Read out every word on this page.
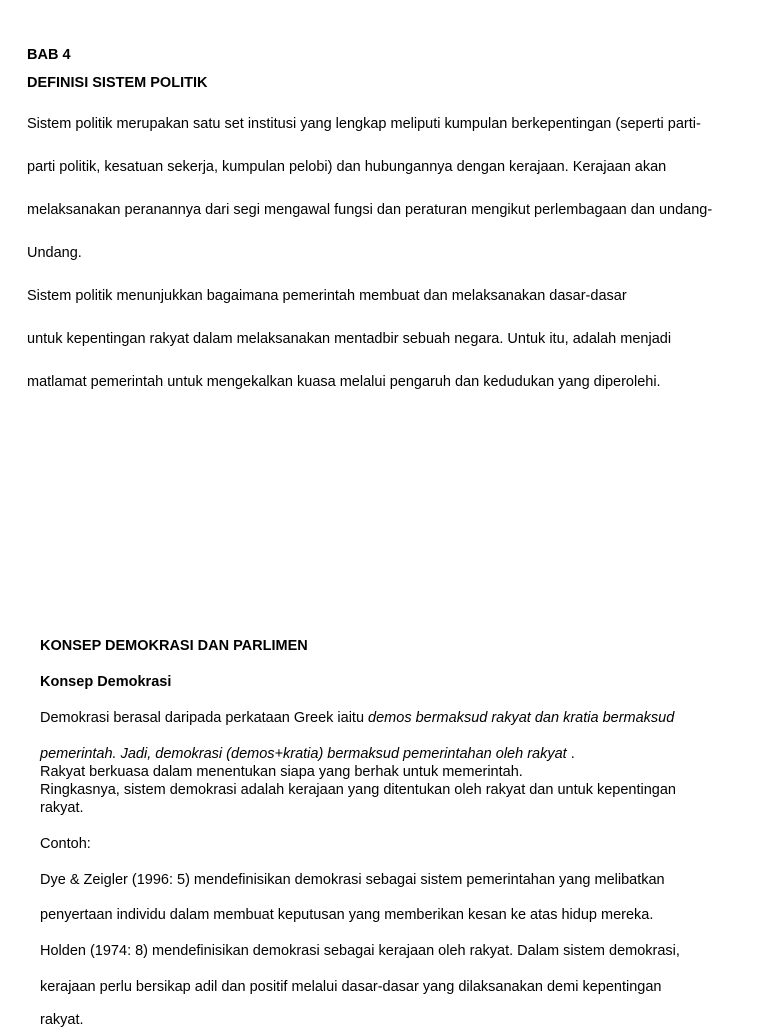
BAB 4
DEFINISI SISTEM POLITIK
Sistem politik merupakan satu set institusi yang lengkap meliputi kumpulan berkepentingan (seperti parti-
parti politik, kesatuan sekerja, kumpulan pelobi) dan hubungannya dengan kerajaan. Kerajaan akan
melaksanakan peranannya dari segi mengawal fungsi dan peraturan mengikut perlembagaan dan undang-
Undang.
Sistem politik menunjukkan bagaimana pemerintah membuat dan melaksanakan dasar-dasar
untuk kepentingan rakyat dalam melaksanakan mentadbir sebuah negara. Untuk itu, adalah menjadi
matlamat pemerintah untuk mengekalkan kuasa melalui pengaruh dan kedudukan yang diperolehi.
KONSEP DEMOKRASI DAN PARLIMEN
Konsep Demokrasi
Demokrasi berasal daripada perkataan Greek iaitu demos bermaksud rakyat dan kratia bermaksud
pemerintah. Jadi, demokrasi (demos+kratia) bermaksud pemerintahan oleh rakyat .
Rakyat berkuasa dalam menentukan siapa yang berhak untuk memerintah.
Ringkasnya, sistem demokrasi adalah kerajaan yang ditentukan oleh rakyat dan untuk kepentingan
rakyat.
Contoh:
Dye & Zeigler (1996: 5) mendefinisikan demokrasi sebagai sistem pemerintahan yang melibatkan
penyertaan individu dalam membuat keputusan yang memberikan kesan ke atas hidup mereka.
Holden (1974: 8) mendefinisikan demokrasi sebagai kerajaan oleh rakyat. Dalam sistem demokrasi,
kerajaan perlu bersikap adil dan positif melalui dasar-dasar yang dilaksanakan demi kepentingan
rakyat.
